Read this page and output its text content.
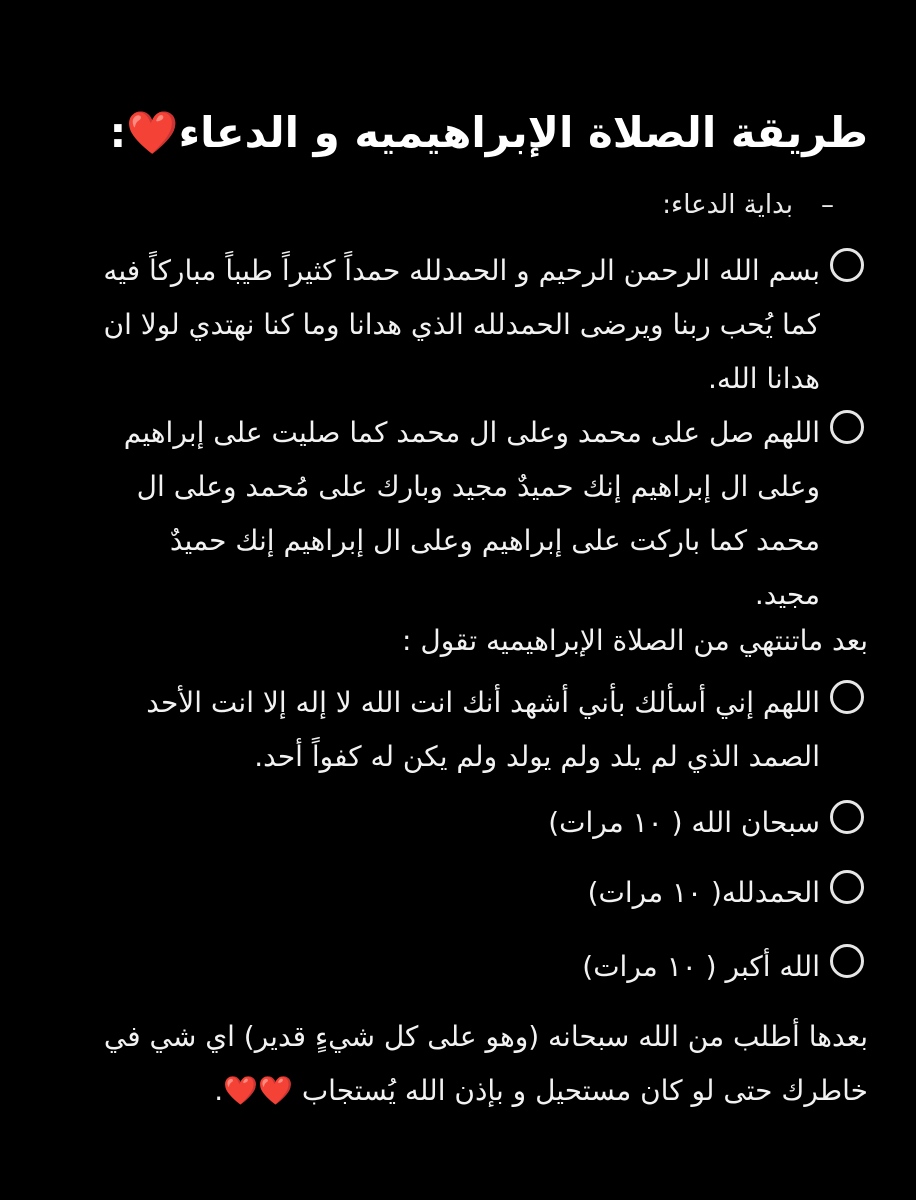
طريقة الصلاة الإبراهيميه و الدعاء❤️:
–بداية الدعاء:
بسم الله الرحمن الرحيم و الحمدلله حمداً كثيراً طيباً مباركاً فيه كما يُحب ربنا ويرضى الحمدلله الذي هدانا وما كنا نهتدي لولا ان هدانا الله.
اللهم صل على محمد وعلى ال محمد كما صليت على إبراهيم وعلى ال إبراهيم إنك حميدٌ مجيد وبارك على مُحمد وعلى ال محمد كما باركت على إبراهيم وعلى ال إبراهيم إنك حميدٌ مجيد.
بعد ماتنتهي من الصلاة الإبراهيميه تقول :
اللهم إني أسألك بأني أشهد أنك انت الله لا إله إلا انت الأحد الصمد الذي لم يلد ولم يولد ولم يكن له كفواً أحد.
سبحان الله ( ١٠ مرات)
الحمدلله( ١٠ مرات)
الله أكبر ( ١٠ مرات)
بعدها أطلب من الله سبحانه (وهو على كل شيءٍ قدير) اي شي في خاطرك حتى لو كان مستحيل و بإذن الله يُستجاب ❤️❤️.
